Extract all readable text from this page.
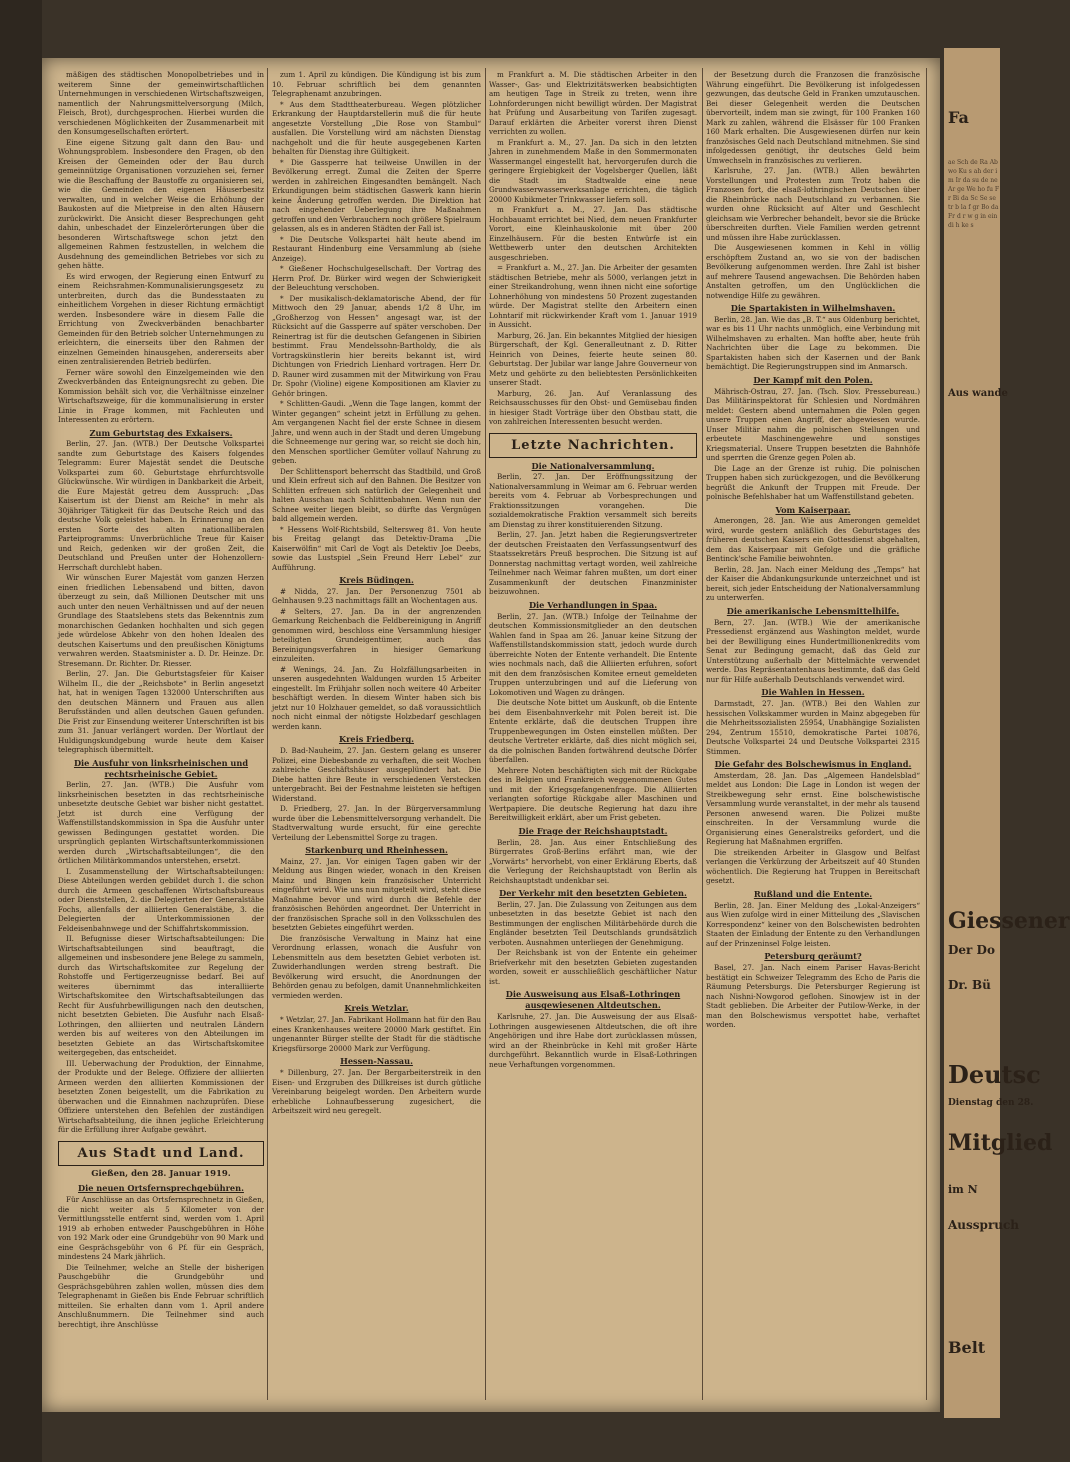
mäßigen des städtischen Monopolbetriebes und in weiterem Sinne der gemeinwirtschaftlichen Unternehmungen in verschiedenen Wirtschaftszweigen, namentlich der Nahrungsmittelversorgung (Milch, Fleisch, Brot), durchgesprochen. Hierbei wurden die verschiedenen Möglichkeiten der Zusammenarbeit mit den Konsumgesellschaften erörtert.

Eine eigene Sitzung galt dann den Bau- und Wohnungsproblem. Insbesondere den Fragen, ob den Kreisen der Gemeinden oder der Bau durch gemeinnützige Organisationen vorzuziehen sei, ferner wie die Beschaffung der Baustoffe zu organisieren sei, wie die Gemeinden den eigenen Häuserbesitz verwalten, und in welcher Weise die Erhöhung der Baukosten auf die Mietpreise in den alten Häusern zurückwirkt. Die Ansicht dieser Besprechungen geht dahin, unbeschadet der Einzelerörterungen über die besonderen Wirtschaftswege schon jetzt den allgemeinen Rahmen festzustellen, in welchem die Ausdehnung des gemeindlichen Betriebes vor sich zu gehen hätte.

Es wird erwogen, der Regierung einen Entwurf zu einem Reichsrahmen-Kommunalisierungsgesetz zu unterbreiten, durch das die Bundesstaaten zu einheitlichem Vorgehen in dieser Richtung ermächtigt werden. Insbesondere wäre in diesem Falle die Errichtung von Zweckverbänden benachbarter Gemeinden für den Betrieb solcher Unternehmungen zu erleichtern, die einerseits über den Rahmen der einzelnen Gemeinden hinausgehen, andererseits aber einen zentralisierenden Betrieb bedürfen.

Ferner wäre sowohl den Einzelgemeinden wie den Zweckverbänden das Enteignungsrecht zu geben. Die Kommission behält sich vor, die Verhältnisse einzelner Wirtschaftszweige, für die kommunalisierung in erster Linie in Frage kommen, mit Fachleuten und Interessenten zu erörtern.

Zum Geburtstag des Exkaisers.

Berlin, 27. Jan. (WTB.) Der Deutsche Volkspartei sandte zum Geburtstage des Kaisers folgendes Telegramm: Eurer Majestät sendet die Deutsche Volkspartei zum 60. Geburtstage ehrfurchtsvolle Glückwünsche. Wir würdigen in Dankbarkeit die Arbeit, die Eure Majestät getreu dem Ausspruch: „Das Kaisertum ist der Dienst am Reiche“ in mehr als 30jähriger Tätigkeit für das Deutsche Reich und das deutsche Volk geleistet haben. In Erinnerung an den ersten Sorte des alten nationalliberalen Parteiprogramms: Unverbrüchliche Treue für Kaiser und Reich, gedenken wir der großen Zeit, die Deutschland und Preußen unter der Hohenzollern-Herrschaft durchlebt haben.

Wir wünschen Eurer Majestät vom ganzen Herzen einen friedlichen Lebensabend und bitten, davon überzeugt zu sein, daß Millionen Deutscher mit uns auch unter den neuen Verhältnissen und auf der neuen Grundlage des Staatslebens stets das Bekenntnis zum monarchischen Gedanken hochhalten und sich gegen jede würdelose Abkehr von den hohen Idealen des deutschen Kaisertums und den preußischen Königtums verwahren werden. Staatsminister a. D. Dr. Heinze. Dr. Stresemann. Dr. Richter. Dr. Riesser.

Berlin, 27. Jan. Die Geburtstagsfeier für Kaiser Wilhelm II., die der „Reichsbote“ in Berlin angesetzt hat, hat in wenigen Tagen 132000 Unterschriften aus den deutschen Männern und Frauen aus allen Berufsständen und allen deutschen Gauen gefunden. Die Frist zur Einsendung weiterer Unterschriften ist bis zum 31. Januar verlängert worden. Der Wortlaut der Huldigungskundgebung wurde heute dem Kaiser telegraphisch übermittelt.

Die Ausfuhr von linksrheinischen und rechtsrheinische Gebiet.

Berlin, 27. Jan. (WTB.) Die Ausfuhr vom linksrheinischen besetzten in das rechtsrheinische unbesetzte deutsche Gebiet war bisher nicht gestattet. Jetzt ist durch eine Verfügung der Waffenstillstandskommission in Spa die Ausfuhr unter gewissen Bedingungen gestattet worden. Die ursprünglich geplanten Wirtschaftsunterkommissionen werden durch „Wirtschaftsabteilungen“, die den örtlichen Militärkommandos unterstehen, ersetzt.

I. Zusammenstellung der Wirtschaftsabteilungen: Diese Abteilungen werden gebildet durch 1. die schon durch die Armeen geschaffenen Wirtschaftsbureaus oder Dienststellen, 2. die Delegierten der Generalstäbe Fochs, allenfalls der alliierten Generalstäbe, 3. die Delegierten der Unterkommissionen der Feldeisenbahnwege und der Schiffahrtskommission.

II. Befugnisse dieser Wirtschaftsabteilungen: Die Wirtschaftsabteilungen sind beauftragt, die allgemeinen und insbesondere jene Belege zu sammeln, durch das Wirtschaftskomitee zur Regelung der Rohstoffe und Fertigerzeugnisse bedarf. Bei auf weiteres übernimmt das interalliierte Wirtschaftskomitee den Wirtschaftsabteilungen das Recht für Ausfuhrbewilligungen nach den deutschen, nicht besetzten Gebieten. Die Ausfuhr nach Elsaß-Lothringen, den alliierten und neutralen Ländern werden bis auf weiteres von den Abteilungen im besetzten Gebiete an das Wirtschaftskomitee weitergegeben, das entscheidet.

III. Ueberwachung der Produktion, der Einnahme, der Produkte und der Belege. Offiziere der alliierten Armeen werden den alliierten Kommissionen der besetzten Zonen beigestellt, um die Fabrikation zu überwachen und die Einnahmen nachzuprüfen. Diese Offiziere unterstehen den Befehlen der zuständigen Wirtschaftsabteilung, die ihnen jegliche Erleichterung für die Erfüllung ihrer Aufgabe gewährt.

Aus Stadt und Land.
Gießen, den 28. Januar 1919.
Die neuen Ortsfernsprechgebühren.

Für Anschlüsse an das Ortsfernsprechnetz in Gießen, die nicht weiter als 5 Kilometer von der Vermittlungsstelle entfernt sind, werden vom 1. April 1919 ab erhoben entweder Pauschgebühren in Höhe von 192 Mark oder eine Grundgebühr von 90 Mark und eine Gesprächsgebühr von 6 Pf. für ein Gespräch, mindestens 24 Mark jährlich.

Die Teilnehmer, welche an Stelle der bisherigen Pauschgebühr die Grundgebühr und Gesprächsgebühren zahlen wollen, müssen dies dem Telegraphenamt in Gießen bis Ende Februar schriftlich mitteilen. Sie erhalten dann vom 1. April andere Anschlußnummern. Die Teilnehmer sind auch berechtigt, ihre Anschlüsse

zum 1. April zu kündigen. Die Kündigung ist bis zum 10. Februar schriftlich bei dem genannten Telegraphenamt anzubringen.

* Aus dem Stadttheaterbureau. Wegen plötzlicher Erkrankung der Hauptdarstellerin muß die für heute angesetzte Vorstellung „Die Rose von Stambul“ ausfallen. Die Vorstellung wird am nächsten Dienstag nachgeholt und die für heute ausgegebenen Karten behalten für Dienstag ihre Gültigkeit.

* Die Gassperre hat teilweise Unwillen in der Bevölkerung erregt. Zumal die Zeiten der Sperre werden in zahlreichen Eingesandten bemängelt. Nach Erkundigungen beim städtischen Gaswerk kann hierin keine Änderung getroffen werden. Die Direktion hat nach eingehender Ueberlegung ihre Maßnahmen getroffen und den Verbrauchern noch größere Spielraum gelassen, als es in anderen Städten der Fall ist.

* Die Deutsche Volkspartei hält heute abend im Restaurant Hindenburg eine Versammlung ab (siehe Anzeige).

* Gießener Hochschulgesellschaft. Der Vortrag des Herrn Prof. Dr. Bürker wird wegen der Schwierigkeit der Beleuchtung verschoben.

* Der musikalisch-deklamatorische Abend, der für Mittwoch den 29 Januar, abends 1/2 8 Uhr, im „Großherzog von Hessen“ angesagt war, ist der Rücksicht auf die Gassperre auf später verschoben. Der Reinertrag ist für die deutschen Gefangenen in Sibirien bestimmt. Frau Mendelssohn-Bartholdy, die als Vortragskünstlerin hier bereits bekannt ist, wird Dichtungen von Friedrich Lienhard vortragen. Herr Dr. D. Rauner wird zusammen mit der Mitwirkung von Frau Dr. Spohr (Violine) eigene Kompositionen am Klavier zu Gehör bringen.

* Schlitten-Gaudi. „Wenn die Tage langen, kommt der Winter gegangen“ scheint jetzt in Erfüllung zu gehen. Am vergangenen Nacht fiel der erste Schnee in diesem Jahre, und wenn auch in der Stadt und deren Umgebung die Schneemenge nur gering war, so reicht sie doch hin, den Menschen sportlicher Gemüter vollauf Nahrung zu geben.

Der Schlittensport beherrscht das Stadtbild, und Groß und Klein erfreut sich auf den Bahnen. Die Besitzer von Schlitten erfreuen sich natürlich der Gelegenheit und halten Ausschau nach Schlittenbahnen. Wenn nun der Schnee weiter liegen bleibt, so dürfte das Vergnügen bald allgemein werden.

* Hessens Wolf-Richtsbild, Seltersweg 81. Von heute bis Freitag gelangt das Detektiv-Drama „Die Kaiserwölfin“ mit Carl de Vogt als Detektiv Joe Deebs, sowie das Lustspiel „Sein Freund Herr Lebel“ zur Aufführung.

Kreis Büdingen.

# Nidda, 27. Jan. Der Personenzug 7501 ab Gelnhausen 9.23 nachmittags fällt an Wochentagen aus.

# Selters, 27. Jan. Da in der angrenzenden Gemarkung Reichenbach die Feldbereinigung in Angriff genommen wird, beschloss eine Versammlung hiesiger beteiligten Grundeigentümer, auch das Bereinigungsverfahren in hiesiger Gemarkung einzuleiten.

# Wenings, 24. Jan. Zu Holzfällungsarbeiten in unseren ausgedehnten Waldungen wurden 15 Arbeiter eingestellt. Im Frühjahr sollen noch weitere 40 Arbeiter beschäftigt werden. In diesem Winter haben sich bis jetzt nur 10 Holzhauer gemeldet, so daß voraussichtlich noch nicht einmal der nötigste Holzbedarf geschlagen werden kann.

Kreis Friedberg.

D. Bad-Nauheim, 27. Jan. Gestern gelang es unserer Polizei, eine Diebesbande zu verhaften, die seit Wochen zahlreiche Geschäftshäuser ausgeplündert hat. Die Diebe hatten ihre Beute in verschiedenen Verstecken untergebracht. Bei der Festnahme leisteten sie heftigen Widerstand.

D. Friedberg, 27. Jan. In der Bürgerversammlung wurde über die Lebensmittelversorgung verhandelt. Die Stadtverwaltung wurde ersucht, für eine gerechte Verteilung der Lebensmittel Sorge zu tragen.

Starkenburg und Rheinhessen.

Mainz, 27. Jan. Vor einigen Tagen gaben wir der Meldung aus Bingen wieder, wonach in den Kreisen Mainz und Bingen kein französischer Unterricht eingeführt wird. Wie uns nun mitgeteilt wird, steht diese Maßnahme bevor und wird durch die Befehle der französischen Behörden angeordnet. Der Unterricht in der französischen Sprache soll in den Volksschulen des besetzten Gebietes eingeführt werden.

Die französische Verwaltung in Mainz hat eine Verordnung erlassen, wonach die Ausfuhr von Lebensmitteln aus dem besetzten Gebiet verboten ist. Zuwiderhandlungen werden streng bestraft. Die Bevölkerung wird ersucht, die Anordnungen der Behörden genau zu befolgen, damit Unannehmlichkeiten vermieden werden.

Kreis Wetzlar.

* Wetzlar, 27. Jan. Fabrikant Hollmann hat für den Bau eines Krankenhauses weitere 20000 Mark gestiftet. Ein ungenannter Bürger stellte der Stadt für die städtische Kriegsfürsorge 20000 Mark zur Verfügung.

Hessen-Nassau.

* Dillenburg, 27. Jan. Der Bergarbeiterstreik in den Eisen- und Erzgruben des Dillkreises ist durch gütliche Vereinbarung beigelegt worden. Den Arbeitern wurde erhebliche Lohnaufbesserung zugesichert, die Arbeitszeit wird neu geregelt.

m Frankfurt a. M. Die städtischen Arbeiter in den Wasser-, Gas- und Elektrizitätswerken beabsichtigten am heutigen Tage in Streik zu treten, wenn ihre Lohnforderungen nicht bewilligt würden. Der Magistrat hat Prüfung und Ausarbeitung von Tarifen zugesagt. Darauf erklärten die Arbeiter vorerst ihren Dienst verrichten zu wollen.

m Frankfurt a. M., 27. Jan. Da sich in den letzten Jahren in zunehmendem Maße in den Sommermonaten Wassermangel eingestellt hat, hervorgerufen durch die geringere Ergiebigkeit der Vogelsberger Quellen, läßt die Stadt im Stadtwalde eine neue Grundwasserwasserwerksanlage errichten, die täglich 20000 Kubikmeter Trinkwasser liefern soll.

m Frankfurt a. M., 27. Jan. Das städtische Hochbauamt errichtet bei Nied, dem neuen Frankfurter Vorort, eine Kleinhauskolonie mit über 200 Einzelhäusern. Für die besten Entwürfe ist ein Wettbewerb unter den deutschen Architekten ausgeschrieben.

= Frankfurt a. M., 27. Jan. Die Arbeiter der gesamten städtischen Betriebe, mehr als 5000, verlangen jetzt in einer Streikandrohung, wenn ihnen nicht eine sofortige Lohnerhöhung von mindestens 50 Prozent zugestanden würde. Der Magistrat stellte den Arbeitern einen Lohntarif mit rückwirkender Kraft vom 1. Januar 1919 in Aussicht.

Marburg, 26. Jan. Ein bekanntes Mitglied der hiesigen Bürgerschaft, der Kgl. Generalleutnant z. D. Ritter Heinrich von Deines, feierte heute seinen 80. Geburtstag. Der Jubilar war lange Jahre Gouverneur von Metz und gehörte zu den beliebtesten Persönlichkeiten unserer Stadt.

Marburg, 26. Jan. Auf Veranlassung des Reichsausschusses für den Obst- und Gemüsebau finden in hiesiger Stadt Vorträge über den Obstbau statt, die von zahlreichen Interessenten besucht werden.

Letzte Nachrichten.
Die Nationalversammlung.

Berlin, 27. Jan. Der Eröffnungssitzung der Nationalversammlung in Weimar am 6. Februar werden bereits vom 4. Februar ab Vorbesprechungen und Fraktionssitzungen vorangehen. Die sozialdemokratische Fraktion versammelt sich bereits am Dienstag zu ihrer konstituierenden Sitzung.

Berlin, 27. Jan. Jetzt haben die Regierungsvertreter der deutschen Freistaaten den Verfassungsentwurf des Staatssekretärs Preuß besprochen. Die Sitzung ist auf Donnerstag nachmittag vertagt worden, weil zahlreiche Teilnehmer nach Weimar fahren mußten, um dort einer Zusammenkunft der deutschen Finanzminister beizuwohnen.

Die Verhandlungen in Spaa.

Berlin, 27. Jan. (WTB.) Infolge der Teilnahme der deutschen Kommissionsmitglieder an den deutschen Wahlen fand in Spaa am 26. Januar keine Sitzung der Waffenstillstandskommission statt, jedoch wurde durch überreichte Noten der Entente verhandelt. Die Entente wies nochmals nach, daß die Alliierten erfuhren, sofort mit den dem französischen Komitee erneut gemeldeten Truppen unterzubringen und auf die Lieferung von Lokomotiven und Wagen zu drängen.

Die deutsche Note bittet um Auskunft, ob die Entente bei dem Eisenbahnverkehr mit Polen bereit ist. Die Entente erklärte, daß die deutschen Truppen ihre Truppenbewegungen im Osten einstellen müßten. Der deutsche Vertreter erklärte, daß dies nicht möglich sei, da die polnischen Banden fortwährend deutsche Dörfer überfallen.

Mehrere Noten beschäftigten sich mit der Rückgabe des in Belgien und Frankreich weggenommenen Gutes und mit der Kriegsgefangenenfrage. Die Alliierten verlangten sofortige Rückgabe aller Maschinen und Wertpapiere. Die deutsche Regierung hat dazu ihre Bereitwilligkeit erklärt, aber um Frist gebeten.

Die Frage der Reichshauptstadt.

Berlin, 28. Jan. Aus einer Entschließung des Bürgerrates Groß-Berlins erfährt man, wie der „Vorwärts“ hervorhebt, von einer Erklärung Eberts, daß die Verlegung der Reichshauptstadt von Berlin als Reichshauptstadt undenkbar sei.

Der Verkehr mit den besetzten Gebieten.

Berlin, 27. Jan. Die Zulassung von Zeitungen aus dem unbesetzten in das besetzte Gebiet ist nach den Bestimmungen der englischen Militärbehörde durch die Engländer besetzten Teil Deutschlands grundsätzlich verboten. Ausnahmen unterliegen der Genehmigung.

Der Reichsbank ist von der Entente ein geheimer Briefverkehr mit den besetzten Gebieten zugestanden worden, soweit er ausschließlich geschäftlicher Natur ist.

Die Ausweisung aus Elsaß-Lothringen ausgewiesenen Altdeutschen.

Karlsruhe, 27. Jan. Die Ausweisung der aus Elsaß-Lothringen ausgewiesenen Altdeutschen, die oft ihre Angehörigen und ihre Habe dort zurücklassen müssen, wird an der Rheinbrücke in Kehl mit großer Härte durchgeführt. Bekanntlich wurde in Elsaß-Lothringen neue Verhaftungen vorgenommen.

der Besetzung durch die Franzosen die französische Währung eingeführt. Die Bevölkerung ist infolgedessen gezwungen, das deutsche Geld in Franken umzutauschen. Bei dieser Gelegenheit werden die Deutschen übervorteilt, indem man sie zwingt, für 100 Franken 160 Mark zu zahlen, während die Elsässer für 100 Franken 160 Mark erhalten. Die Ausgewiesenen dürfen nur kein französisches Geld nach Deutschland mitnehmen. Sie sind infolgedessen genötigt, ihr deutsches Geld beim Umwechseln in französisches zu verlieren.

Karlsruhe, 27. Jan. (WTB.) Allen bewährten Vorstellungen und Protesten zum Trotz haben die Franzosen fort, die elsaß-lothringischen Deutschen über die Rheinbrücke nach Deutschland zu verbannen. Sie wurden ohne Rücksicht auf Alter und Geschlecht gleichsam wie Verbrecher behandelt, bevor sie die Brücke überschreiten durften. Viele Familien werden getrennt und müssen ihre Habe zurücklassen.

Die Ausgewiesenen kommen in Kehl in völlig erschöpftem Zustand an, wo sie von der badischen Bevölkerung aufgenommen werden. Ihre Zahl ist bisher auf mehrere Tausend angewachsen. Die Behörden haben Anstalten getroffen, um den Unglücklichen die notwendige Hilfe zu gewähren.

Die Spartakisten in Wilhelmshaven.

Berlin, 28. Jan. Wie das „B. T.“ aus Oldenburg berichtet, war es bis 11 Uhr nachts unmöglich, eine Verbindung mit Wilhelmshaven zu erhalten. Man hoffte aber, heute früh Nachrichten über die Lage zu bekommen. Die Spartakisten haben sich der Kasernen und der Bank bemächtigt. Die Regierungstruppen sind im Anmarsch.

Der Kampf mit den Polen.

Mährisch-Ostrau, 27. Jan. (Tsch. Slov. Pressebureau.) Das Militärinspektorat für Schlesien und Nordmähren meldet: Gestern abend unternahmen die Polen gegen unsere Truppen einen Angriff, der abgewiesen wurde. Unser Militär nahm die polnischen Stellungen und erbeutete Maschinengewehre und sonstiges Kriegsmaterial. Unsere Truppen besetzten die Bahnhöfe und sperrten die Grenze gegen Polen ab.

Die Lage an der Grenze ist ruhig. Die polnischen Truppen haben sich zurückgezogen, und die Bevölkerung begrüßt die Ankunft der Truppen mit Freude. Der polnische Befehlshaber hat um Waffenstillstand gebeten.

Vom Kaiserpaar.

Amerongen, 28. Jan. Wie aus Amerongen gemeldet wird, wurde gestern anläßlich des Geburtstages des früheren deutschen Kaisers ein Gottesdienst abgehalten, dem das Kaiserpaar mit Gefolge und die gräfliche Bentinck'sche Familie beiwohnten.

Berlin, 28. Jan. Nach einer Meldung des „Temps“ hat der Kaiser die Abdankungsurkunde unterzeichnet und ist bereit, sich jeder Entscheidung der Nationalversammlung zu unterwerfen.

Die amerikanische Lebensmittelhilfe.

Bern, 27. Jan. (WTB.) Wie der amerikanische Pressedienst ergänzend aus Washington meldet, wurde bei der Bewilligung eines Hundertmillionenkredits vom Senat zur Bedingung gemacht, daß das Geld zur Unterstützung außerhalb der Mittelmächte verwendet werde. Das Repräsentantenhaus bestimmte, daß das Geld nur für Hilfe außerhalb Deutschlands verwendet wird.

Die Wahlen in Hessen.

Darmstadt, 27. Jan. (WTB.) Bei den Wahlen zur hessischen Volkskammer wurden in Mainz abgegeben für die Mehrheitssozialisten 25954, Unabhängige Sozialisten 294, Zentrum 15510, demokratische Partei 10876, Deutsche Volkspartei 24 und Deutsche Volkspartei 2315 Stimmen.

Die Gefahr des Bolschewismus in England.

Amsterdam, 28. Jan. Das „Algemeen Handelsblad“ meldet aus London: Die Lage in London ist wegen der Streikbewegung sehr ernst. Eine bolschewistische Versammlung wurde veranstaltet, in der mehr als tausend Personen anwesend waren. Die Polizei mußte einschreiten. In der Versammlung wurde die Organisierung eines Generalstreiks gefordert, und die Regierung hat Maßnahmen ergriffen.

Die streikenden Arbeiter in Glasgow und Belfast verlangen die Verkürzung der Arbeitszeit auf 40 Stunden wöchentlich. Die Regierung hat Truppen in Bereitschaft gesetzt.

Rußland und die Entente.

Berlin, 28. Jan. Einer Meldung des „Lokal-Anzeigers“ aus Wien zufolge wird in einer Mitteilung des „Slavischen Korrespondenz“ keiner von den Bolschewisten bedrohten Staaten der Einladung der Entente zu den Verhandlungen auf der Prinzeninsel Folge leisten.

Petersburg geräumt?

Basel, 27. Jan. Nach einem Pariser Havas-Bericht bestätigt ein Schweizer Telegramm des Echo de Paris die Räumung Petersburgs. Die Petersburger Regierung ist nach Nishni-Nowgorod geflohen. Sinowjew ist in der Stadt geblieben. Die Arbeiter der Putilow-Werke, in der man den Bolschewismus verspottet habe, verhaftet worden.

Fa
ae Sch de Ra Ab wo Ku s ah der im Ir da su de ne Ar ge We ho fu Fr Bi da Sc Se se tr b la f gr Bo da Fr d r w g in ein di h ke s
Aus wande
Giessener
Der Do
Dr. Bü
Deutsc
Dienstag den 28.
Mitglied
im N
Ausspruch
Belt
